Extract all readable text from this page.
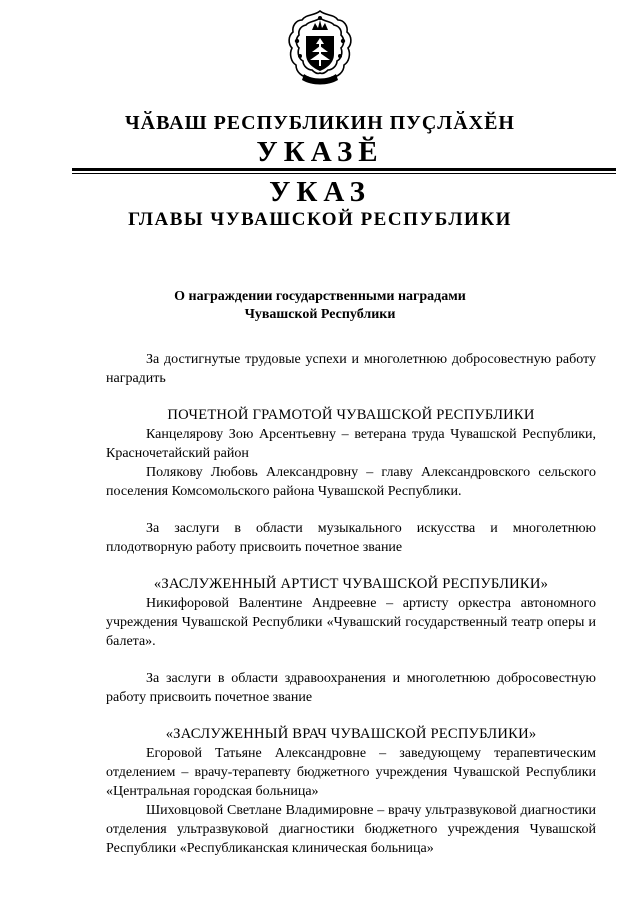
ЧӐВАШ РЕСПУБЛИКИН ПУҪЛӐХӖН
УКАЗӖ
УКАЗ
ГЛАВЫ ЧУВАШСКОЙ РЕСПУБЛИКИ
О награждении государственными наградами
Чувашской Республики

За достигнутые трудовые успехи и многолетнюю добросовестную работу наградить

ПОЧЕТНОЙ ГРАМОТОЙ ЧУВАШСКОЙ РЕСПУБЛИКИ

Канцелярову Зою Арсентьевну – ветерана труда Чувашской Республики, Красночетайский район

Полякову Любовь Александровну – главу Александровского сельского поселения Комсомольского района Чувашской Республики.

За заслуги в области музыкального искусства и многолетнюю плодотворную работу присвоить почетное звание

«ЗАСЛУЖЕННЫЙ АРТИСТ ЧУВАШСКОЙ РЕСПУБЛИКИ»

Никифоровой Валентине Андреевне – артисту оркестра автономного учреждения Чувашской Республики «Чувашский государственный театр оперы и балета».

За заслуги в области здравоохранения и многолетнюю добросовестную работу присвоить почетное звание

«ЗАСЛУЖЕННЫЙ ВРАЧ ЧУВАШСКОЙ РЕСПУБЛИКИ»

Егоровой Татьяне Александровне – заведующему терапевтическим отделением – врачу-терапевту бюджетного учреждения Чувашской Республики «Центральная городская больница»

Шиховцовой Светлане Владимировне – врачу ультразвуковой диагностики отделения ультразвуковой диагностики бюджетного учреждения Чувашской Республики «Республиканская клиническая больница»
